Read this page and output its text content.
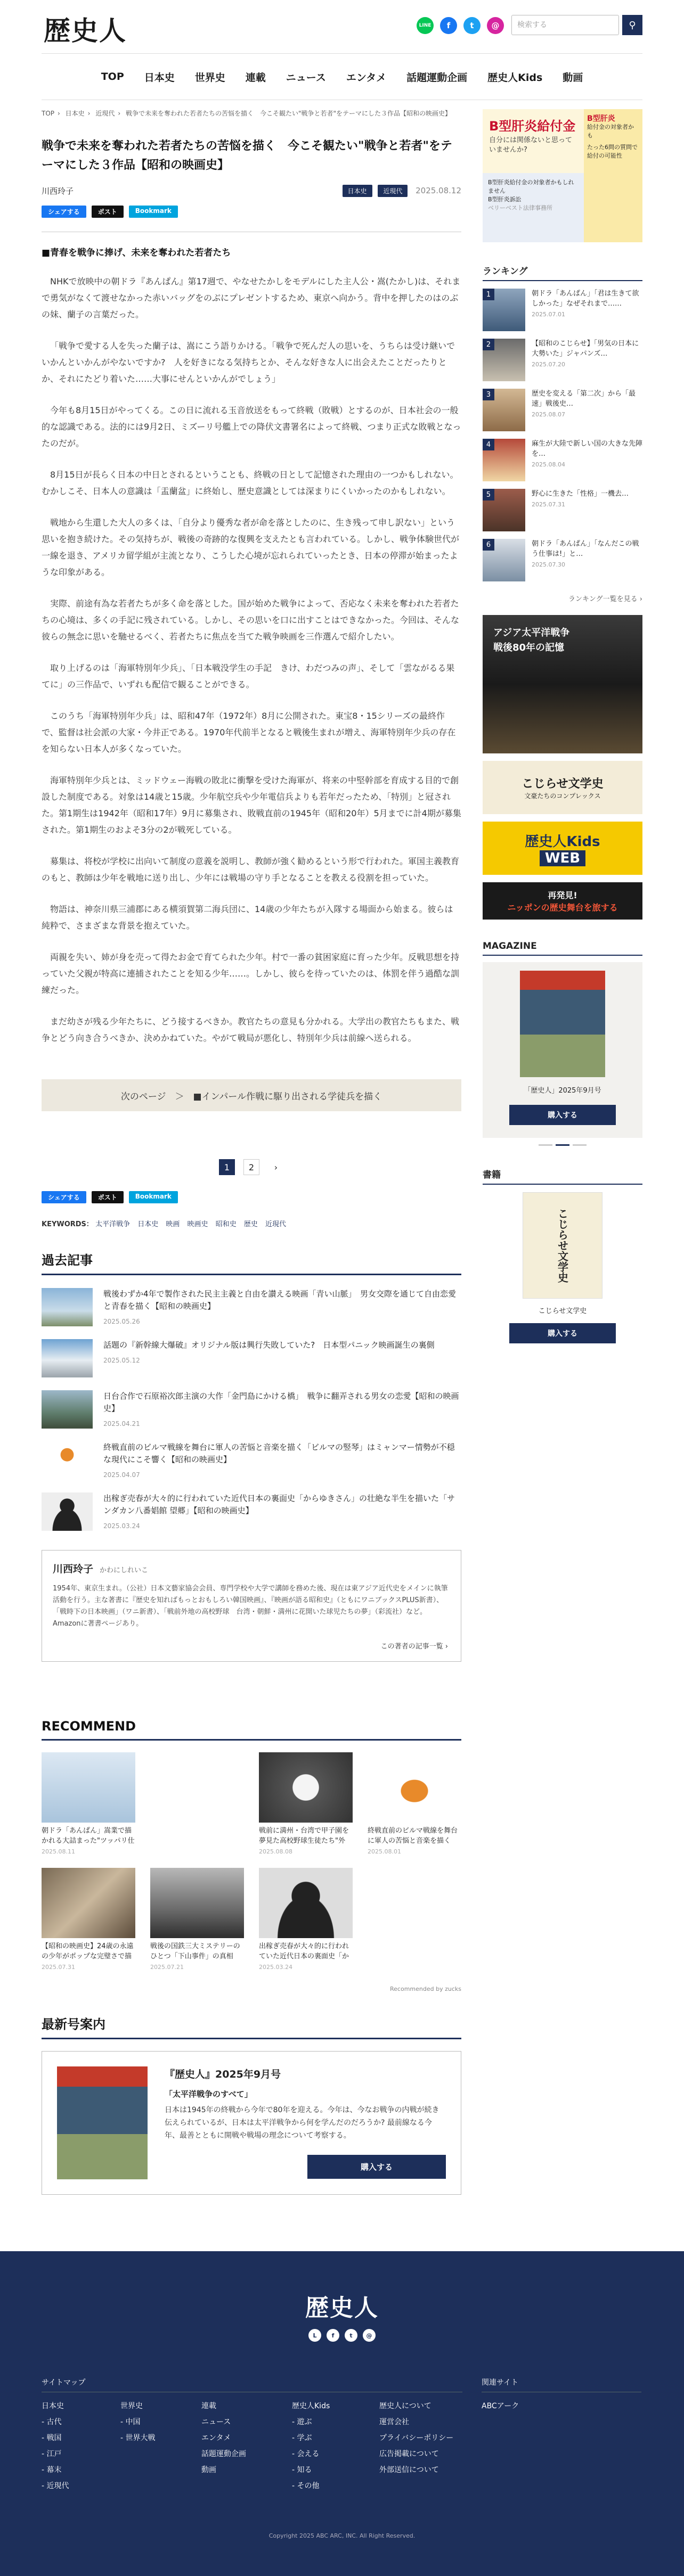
歴史人	LINE	f	t	@	検索する	⚲
TOP 日本史 世界史 連載 ニュース エンタメ 話題運動企画 歴史人Kids 動画
TOP › 日本史 › 近現代 › 戦争で未来を奪われた若者たちの苦悩を描く　今こそ観たい"戦争と若者"をテーマにした３作品【昭和の映画史】
戦争で未来を奪われた若者たちの苦悩を描く　今こそ観たい"戦争と若者"をテーマにした３作品【昭和の映画史】
川西玲子	日本史	近現代 2025.08.12
シェアする	ポスト	Bookmark
■青春を戦争に捧げ、未来を奪われた若者たち

NHKで放映中の朝ドラ『あんぱん』第17週で、やなせたかしをモデルにした主人公・嵩(たかし)は、それまで勇気がなくて渡せなかった赤いバッグをのぶにプレゼントするため、東京へ向かう。背中を押したのはのぶの妹、蘭子の言葉だった。

「戦争で愛する人を失った蘭子は、嵩にこう語りかける。「戦争で死んだ人の思いを、うちらは受け継いでいかんといかんがやないですか?　人を好きになる気持ちとか、そんな好きな人に出会えたことだったりとか、それにたどり着いた……大事にせんといかんがでしょう」

今年も8月15日がやってくる。この日に流れる玉音放送をもって終戦（敗戦）とするのが、日本社会の一般的な認識である。法的には9月2日、ミズーリ号艦上での降伏文書署名によって終戦、つまり正式な敗戦となったのだが。

8月15日が長らく日本の中日とされるということも、終戦の日として記憶された理由の一つかもしれない。むかしこそ、日本人の意識は「盂蘭盆」に終始し、歴史意識としては深まりにくいかったのかもしれない。

戦地から生還した大人の多くは、「自分より優秀な者が命を落としたのに、生き残って申し訳ない」という思いを抱き続けた。その気持ちが、戦後の奇跡的な復興を支えたとも言われている。しかし、戦争体験世代が一線を退き、アメリカ留学組が主流となり、こうした心境が忘れられていったとき、日本の停滞が始まったような印象がある。

実際、前途有為な若者たちが多く命を落とした。国が始めた戦争によって、否応なく未来を奪われた若者たちの心境は、多くの手記に残されている。しかし、その思いを口に出すことはできなかった。今回は、そんな彼らの無念に思いを馳せるべく、若者たちに焦点を当てた戦争映画を三作選んで紹介したい。

取り上げるのは「海軍特別年少兵」、「日本戦没学生の手記　きけ、わだつみの声」、そして「雲ながるる果てに」の三作品で、いずれも配信で観ることができる。

このうち「海軍特別年少兵」は、昭和47年（1972年）8月に公開された。東宝8・15シリーズの最終作で、監督は社会派の大家・今井正である。1970年代前半となると戦後生まれが増え、海軍特別年少兵の存在を知らない日本人が多くなっていた。

海軍特別年少兵とは、ミッドウェー海戦の敗北に衝撃を受けた海軍が、将来の中堅幹部を育成する目的で創設した制度である。対象は14歳と15歳。少年航空兵や少年電信兵よりも若年だったため、「特別」と冠された。第1期生は1942年（昭和17年）9月に募集され、敗戦直前の1945年（昭和20年）5月までに計4期が募集された。第1期生のおよそ3分の2が戦死している。

募集は、将校が学校に出向いて制度の意義を説明し、教師が強く勧めるという形で行われた。軍国主義教育のもと、教師は少年を戦地に送り出し、少年には戦場の守り手となることを教える役割を担っていた。

物語は、神奈川県三浦郡にある横須賀第二海兵団に、14歳の少年たちが入隊する場面から始まる。彼らは純粋で、さまざまな背景を抱えていた。

両親を失い、姉が身を売って得たお金で育てられた少年。村で一番の貧困家庭に育った少年。反戦思想を持っていた父親が特高に連捕されたことを知る少年……。しかし、彼らを待っていたのは、体罰を伴う過酷な訓練だった。

まだ幼さが残る少年たちに、どう接するべきか。教官たちの意見も分かれる。大学出の教官たちもまた、戦争とどう向き合うべきか、決めかねていた。やがて戦局が悪化し、特別年少兵は前線へ送られる。

次のページ　＞　■インパール作戦に駆り出される学徒兵を描く
1	2	›
シェアする	ポスト	Bookmark
KEYWORDS： 太平洋戦争 日本史 映画 映画史 昭和史 歴史 近現代
過去記事
戦後わずか4年で製作された民主主義と自由を讃える映画「青い山脈」　男女交際を通じて自由恋愛と青春を描く【昭和の映画史】
2025.05.26
話題の『新幹線大爆破』オリジナル版は興行失敗していた?　日本型パニック映画誕生の裏側
2025.05.12
日台合作で石原裕次郎主演の大作「金門島にかける橋」　戦争に翻弄される男女の恋愛【昭和の映画史】
2025.04.21
終戦直前のビルマ戦線を舞台に軍人の苦悩と音楽を描く「ビルマの竪琴」はミャンマー情勢が不穏な現代にこそ響く【昭和の映画史】
2025.04.07
出稼ぎ売春が大々的に行われていた近代日本の裏面史「からゆきさん」の壮絶な半生を描いた「サンダカン八番娼館 望郷」【昭和の映画史】
2025.03.24
川西玲子 かわにしれいこ
1954年、東京生まれ。（公社）日本文藝家協会会員、専門学校や大学で講師を務めた後、現在は東アジア近代史をメインに執筆活動を行う。主な著書に『歴史を知ればもっとおもしろい韓国映画』、『映画が語る昭和史』（ともにワニブックスPLUS新書）、「戦時下の日本映画」（ワニ新書）、「戦前外地の高校野球　台湾・朝鮮・満州に花開いた球児たちの夢」（彩流社）など。Amazonに著書ページあり。
この著者の記事一覧 ›
RECOMMEND
朝ドラ「あんぱん」嵩業で描かれる大詰まった"ツッパリ仕
2025.08.11
戦前に満州・台湾で甲子園を夢見た高校野球生徒たち"外
2025.08.08
終戦直前のビルマ戦線を舞台に軍人の苦悩と音楽を描く
2025.08.01
【昭和の映画史】24歳の永遠の少年がポップな完璧さで描
2025.07.31
戦後の国鉄三大ミステリーのひとつ「下山事件」の真相
2025.07.21
出稼ぎ売春が大々的に行われていた近代日本の裏面史「か
2025.03.24
Recommended by zucks
最新号案内
『歴史人』2025年9月号
「太平洋戦争のすべて」
日本は1945年の終戦から今年で80年を迎える。今年は、今なお戦争の内戦が続き伝えられているが、日本は太平洋戦争から何を学んだのだろうか? 最前線なる今年、最善とともに開戦や戦場の理念について考察する。
購入する
B型肝炎給付金
自分には関係ないと思っていませんか?
B型肝炎
給付金の対象者かも
たった6問の質問で給付の可能性
B型肝炎給付金の対象者かもしれません
B型肝炎訴訟
ベリーベスト法律事務所
ランキング
1	朝ドラ「あんぱん」「君は生きて欲しかった」なぜそれまで……
2025.07.01
2	【昭和のこじらせ】「男気の日本に大勢いた」ジャパンズ…
2025.07.20
3	歴史を変える「第二次」から「最速」戦後史…
2025.08.07
4	麻生が大陸で新しい国の大きな先陣を…
2025.08.04
5	野心に生きた「性格」一機去…
2025.07.31
6	朝ドラ「あんぱん」「なんだこの戦う仕事は!」と…
2025.07.30
ランキング一覧を見る ›
アジア太平洋戦争
戦後80年の記憶
こじらせ文学史
文豪たちのコンプレックス
歴史人Kids
WEB
再発見!
ニッポンの歴史舞台を旅する
MAGAZINE
「歴史人」2025年9月号
購入する
書籍
こじらせ文学史
こじらせ文学史
購入する
歴史人
L	f	t	@
サイトマップ	関連サイト
日本史
- 古代
- 戦国
- 江戸
- 幕末
- 近現代
世界史
- 中国
- 世界大戦
連載
ニュース
エンタメ
話題運動企画
動画
歴史人Kids
- 遊ぶ
- 学ぶ
- 会える
- 知る
- その他
歴史人について
運営会社
プライバシーポリシー
広告掲載について
外部送信について
ABCアーク
Copyright 2025 ABC ARC, INC. All Right Reserved.
